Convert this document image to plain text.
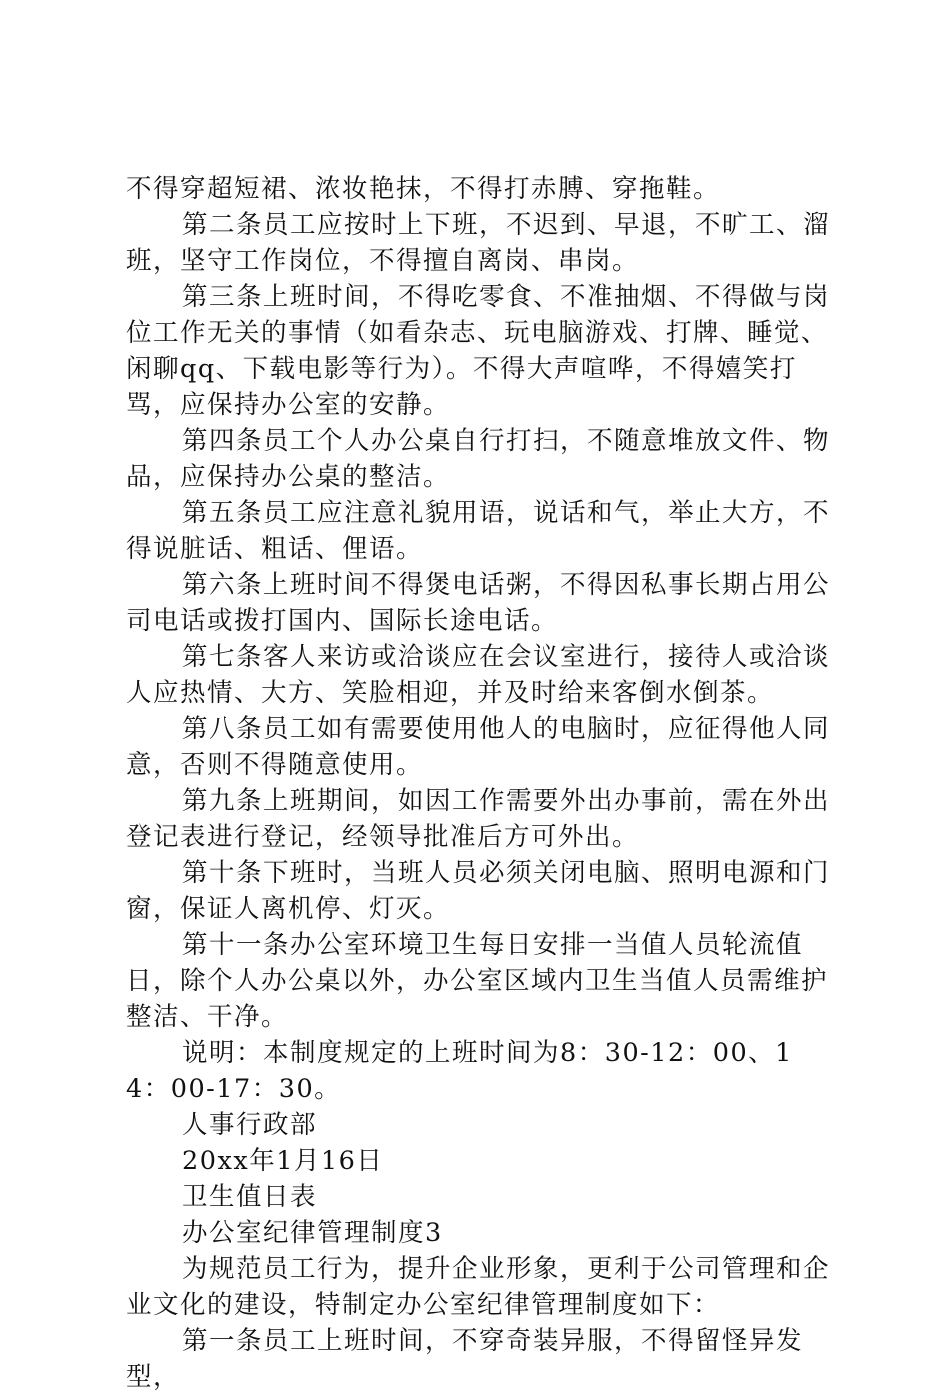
不得穿超短裙、浓妆艳抹，不得打赤膊、穿拖鞋。

第二条员工应按时上下班，不迟到、早退，不旷工、溜班，坚守工作岗位，不得擅自离岗、串岗。

第三条上班时间，不得吃零食、不准抽烟、不得做与岗位工作无关的事情（如看杂志、玩电脑游戏、打牌、睡觉、闲聊qq、下载电影等行为）。不得大声喧哗，不得嬉笑打骂，应保持办公室的安静。

第四条员工个人办公桌自行打扫，不随意堆放文件、物品，应保持办公桌的整洁。

第五条员工应注意礼貌用语，说话和气，举止大方，不得说脏话、粗话、俚语。

第六条上班时间不得煲电话粥，不得因私事长期占用公司电话或拨打国内、国际长途电话。

第七条客人来访或洽谈应在会议室进行，接待人或洽谈人应热情、大方、笑脸相迎，并及时给来客倒水倒茶。

第八条员工如有需要使用他人的电脑时，应征得他人同意，否则不得随意使用。

第九条上班期间，如因工作需要外出办事前，需在外出登记表进行登记，经领导批准后方可外出。

第十条下班时，当班人员必须关闭电脑、照明电源和门窗，保证人离机停、灯灭。

第十一条办公室环境卫生每日安排一当值人员轮流值日，除个人办公桌以外，办公室区域内卫生当值人员需维护整洁、干净。

说明：本制度规定的上班时间为8：30-12：00、14：00-17：30。

人事行政部

20xx年1月16日

卫生值日表

办公室纪律管理制度3

为规范员工行为，提升企业形象，更利于公司管理和企业文化的建设，特制定办公室纪律管理制度如下：

第一条员工上班时间，不穿奇装异服，不得留怪异发型，
